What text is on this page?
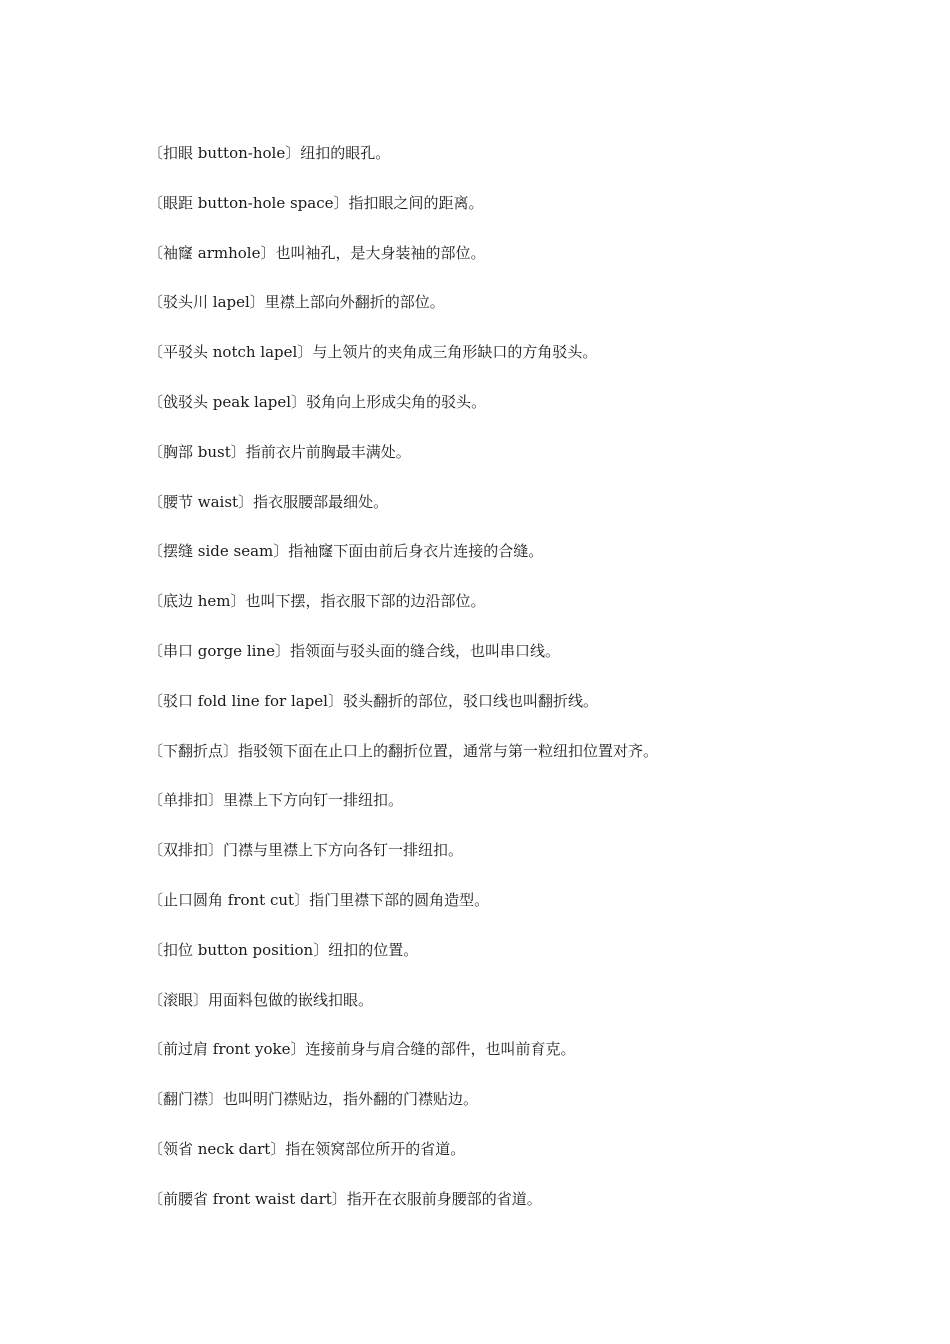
〔扣眼 button-hole〕纽扣的眼孔。
〔眼距 button-hole space〕指扣眼之间的距离。
〔袖窿 armhole〕也叫袖孔，是大身装袖的部位。
〔驳头川 lapel〕里襟上部向外翻折的部位。
〔平驳头 notch lapel〕与上领片的夹角成三角形缺口的方角驳头。
〔戗驳头 peak lapel〕驳角向上形成尖角的驳头。
〔胸部 bust〕指前衣片前胸最丰满处。
〔腰节 waist〕指衣服腰部最细处。
〔摆缝 side seam〕指袖窿下面由前后身衣片连接的合缝。
〔底边 hem〕也叫下摆，指衣服下部的边沿部位。
〔串口 gorge line〕指领面与驳头面的缝合线，也叫串口线。
〔驳口 fold line for lapel〕驳头翻折的部位，驳口线也叫翻折线。
〔下翻折点〕指驳领下面在止口上的翻折位置，通常与第一粒纽扣位置对齐。
〔单排扣〕里襟上下方向钉一排纽扣。
〔双排扣〕门襟与里襟上下方向各钉一排纽扣。
〔止口圆角 front cut〕指门里襟下部的圆角造型。
〔扣位 button position〕纽扣的位置。
〔滚眼〕用面料包做的嵌线扣眼。
〔前过肩 front yoke〕连接前身与肩合缝的部件，也叫前育克。
〔翻门襟〕也叫明门襟贴边，指外翻的门襟贴边。
〔领省 neck dart〕指在领窝部位所开的省道。
〔前腰省 front waist dart〕指开在衣服前身腰部的省道。
